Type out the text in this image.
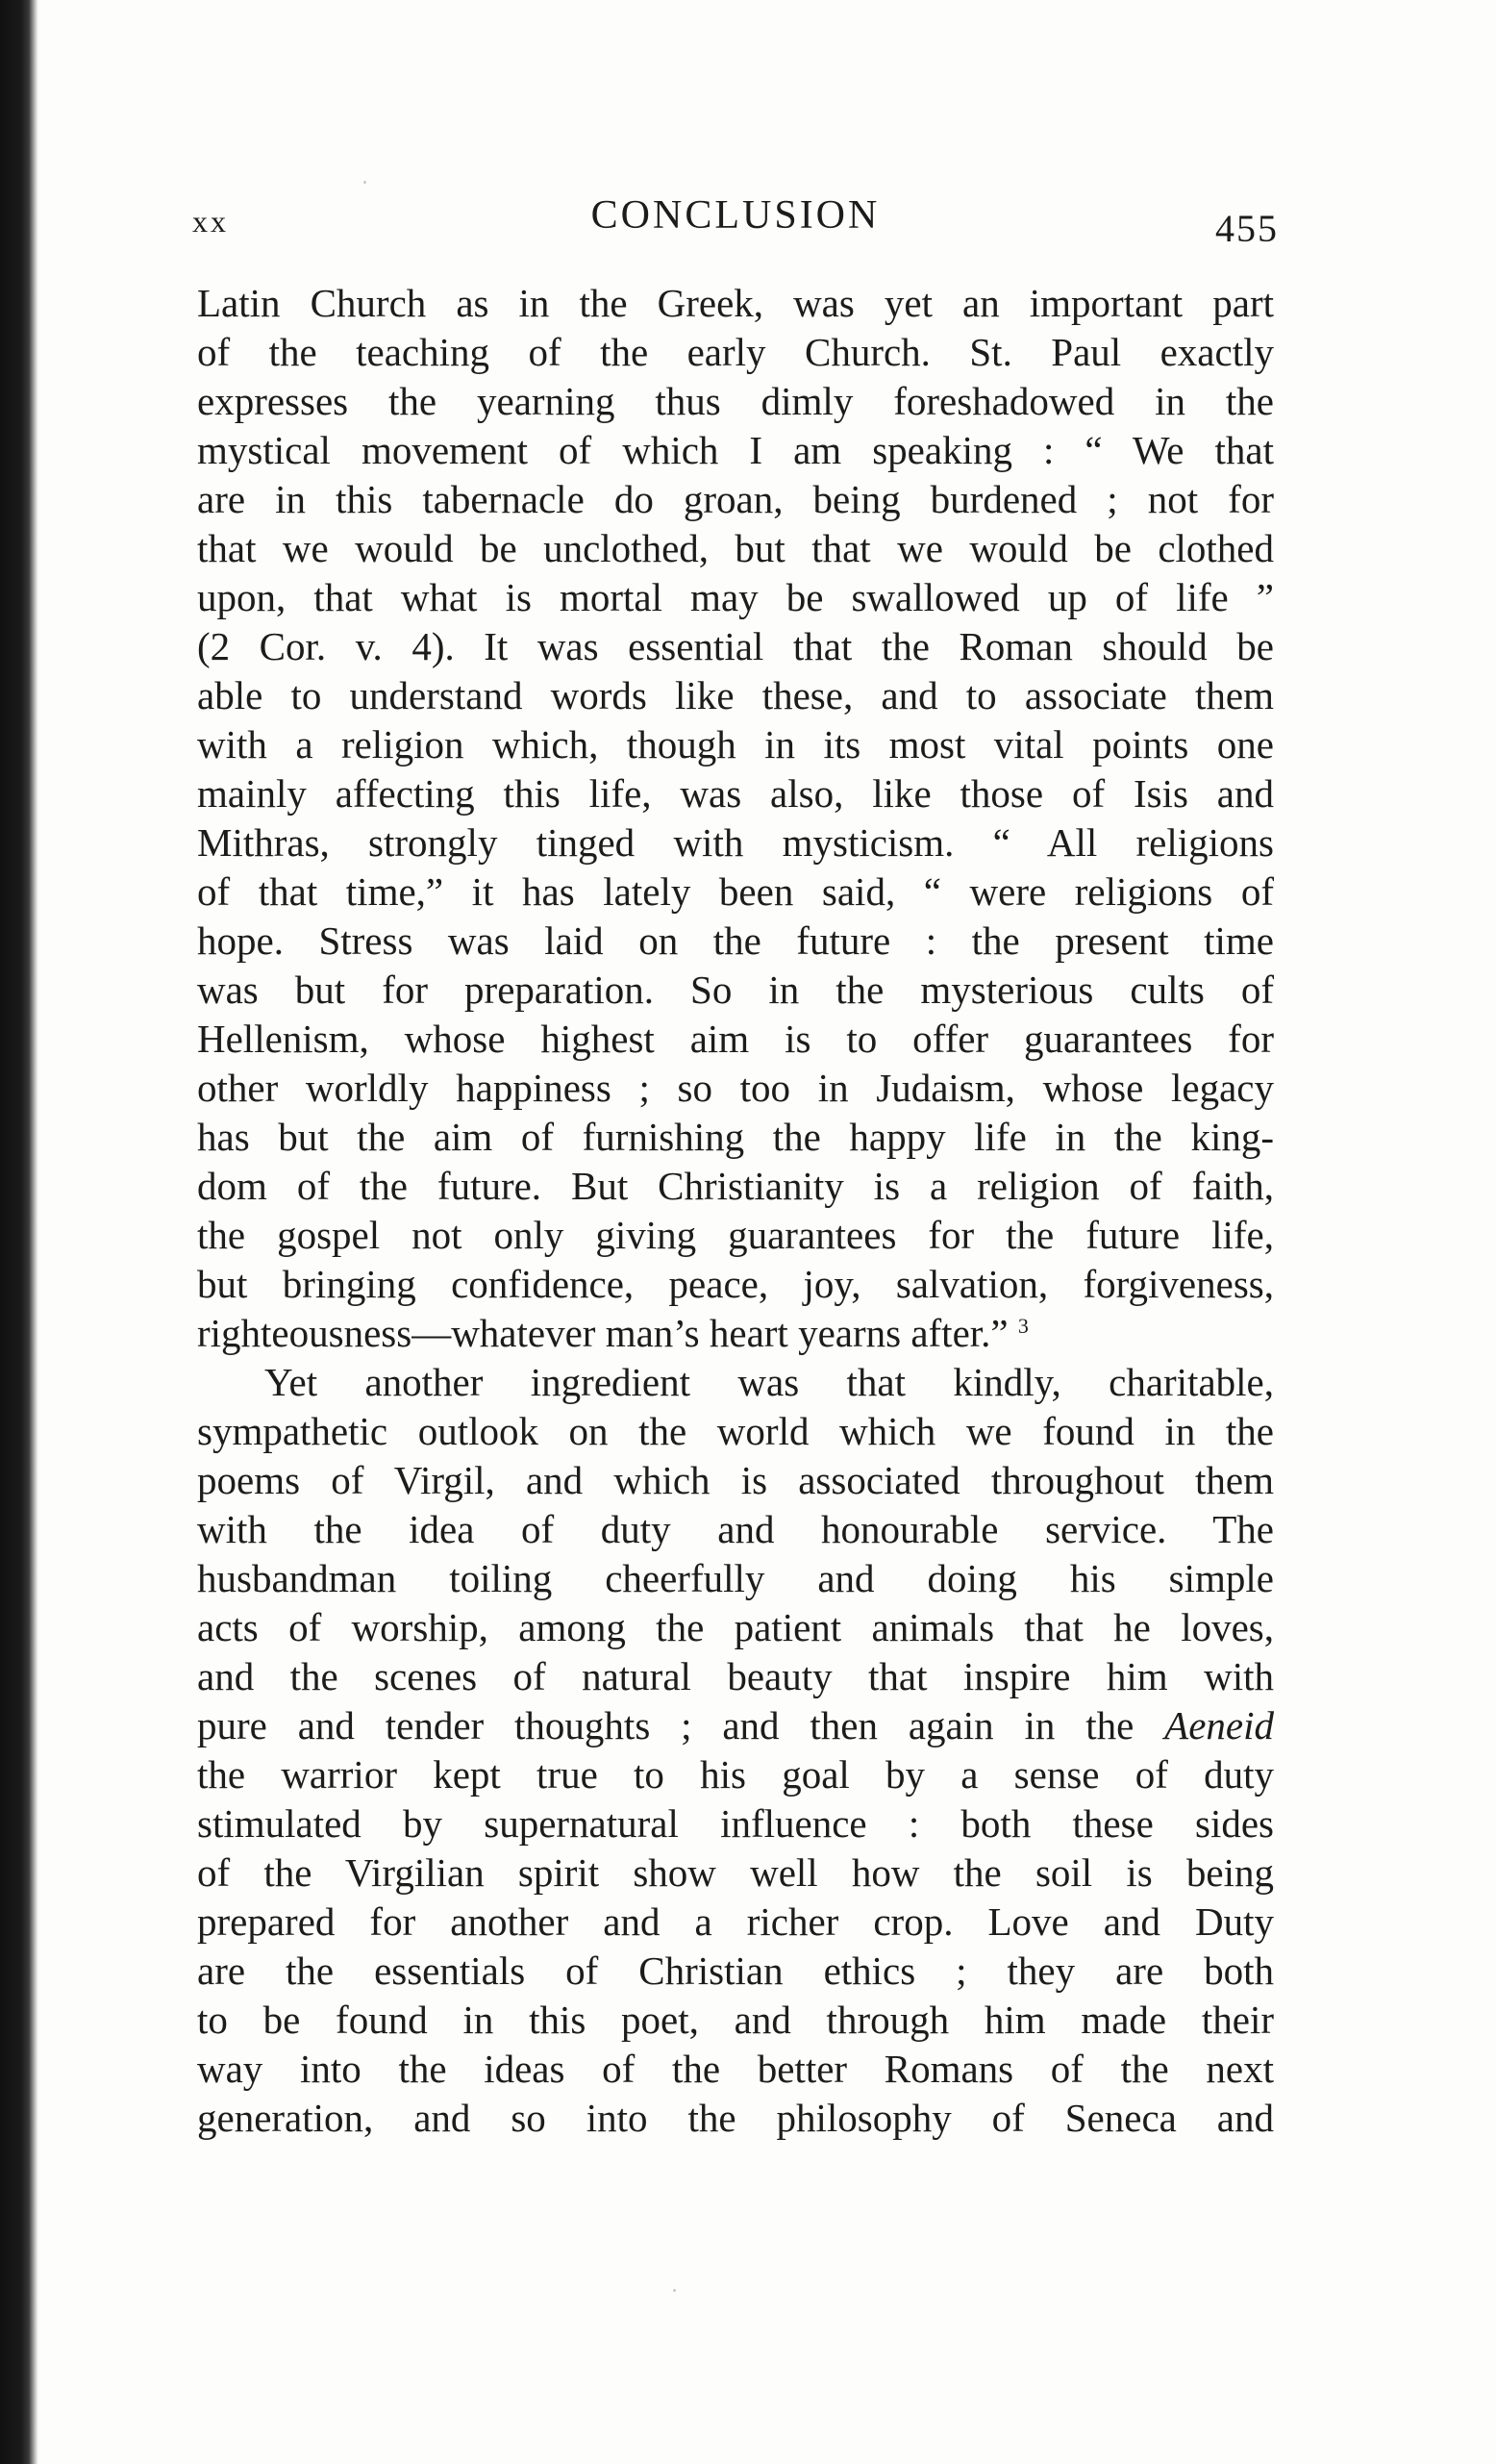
xx	CONCLUSION	455
Latin Church as in the Greek, was yet an important part
of the teaching of the early Church. St. Paul exactly
expresses the yearning thus dimly foreshadowed in the
mystical movement of which I am speaking : “ We that
are in this tabernacle do groan, being burdened ; not for
that we would be unclothed, but that we would be clothed
upon, that what is mortal may be swallowed up of life ”
(2 Cor. v. 4). It was essential that the Roman should be
able to understand words like these, and to associate them
with a religion which, though in its most vital points one
mainly affecting this life, was also, like those of Isis and
Mithras, strongly tinged with mysticism. “ All religions
of that time,” it has lately been said, “ were religions of
hope. Stress was laid on the future : the present time
was but for preparation. So in the mysterious cults of
Hellenism, whose highest aim is to offer guarantees for
other worldly happiness ; so too in Judaism, whose legacy
has but the aim of furnishing the happy life in the king-
dom of the future. But Christianity is a religion of faith,
the gospel not only giving guarantees for the future life,
but bringing confidence, peace, joy, salvation, forgiveness,
righteousness—whatever man’s heart yearns after.” $^3$
Yet another ingredient was that kindly, charitable,
sympathetic outlook on the world which we found in the
poems of Virgil, and which is associated throughout them
with the idea of duty and honourable service. The
husbandman toiling cheerfully and doing his simple
acts of worship, among the patient animals that he loves,
and the scenes of natural beauty that inspire him with
pure and tender thoughts ; and then again in the Aeneid
the warrior kept true to his goal by a sense of duty
stimulated by supernatural influence : both these sides
of the Virgilian spirit show well how the soil is being
prepared for another and a richer crop. Love and Duty
are the essentials of Christian ethics ; they are both
to be found in this poet, and through him made their
way into the ideas of the better Romans of the next
generation, and so into the philosophy of Seneca and
